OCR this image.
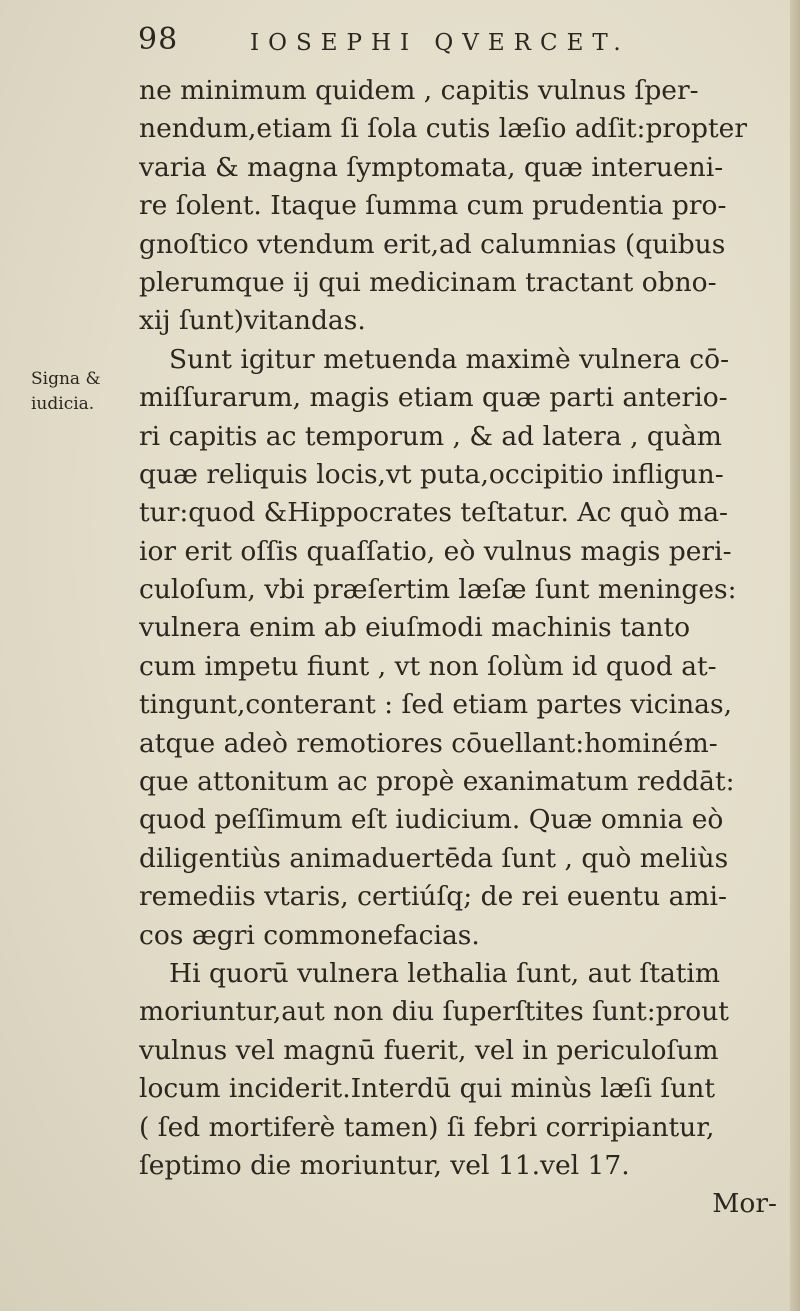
98	IOSEPHI QVERCET.
Signa &
iudicia.
ne minimum quidem , capitis vulnus ſper-
nendum,etiam ſi ſola cutis læſio adſit:propter
varia & magna ſymptomata, quæ interueni-
re ſolent. Itaque ſumma cum prudentia pro-
gnoſtico vtendum erit,ad calumnias (quibus
plerumque ij qui medicinam tractant obno-
xij ſunt)vitandas.
Sunt igitur metuenda maximè vulnera cō-
miſſurarum, magis etiam quæ parti anterio-
ri capitis ac temporum , & ad latera , quàm
quæ reliquis locis,vt puta,occipitio infligun-
tur:quod &Hippocrates teſtatur. Ac quò ma-
ior erit oſſis quaſſatio, eò vulnus magis peri-
culoſum, vbi præſertim læſæ ſunt meninges:
vulnera enim ab eiuſmodi machinis tanto
cum impetu fiunt , vt non ſolùm id quod at-
tingunt,conterant : ſed etiam partes vicinas,
atque adeò remotiores cōuellant:hominém-
que attonitum ac propè exanimatum reddāt:
quod peſſimum eſt iudicium. Quæ omnia eò
diligentiùs animaduertēda ſunt , quò meliùs
remediis vtaris, certiúſq; de rei euentu ami-
cos ægri commonefacias.
Hi quorū vulnera lethalia ſunt, aut ſtatim
moriuntur,aut non diu ſuperſtites ſunt:prout
vulnus vel magnū fuerit, vel in periculoſum
locum inciderit.Interdū qui minùs læſi ſunt
( ſed mortiferè tamen) ſi febri corripiantur,
ſeptimo die moriuntur, vel 11.vel 17.
Mor-
